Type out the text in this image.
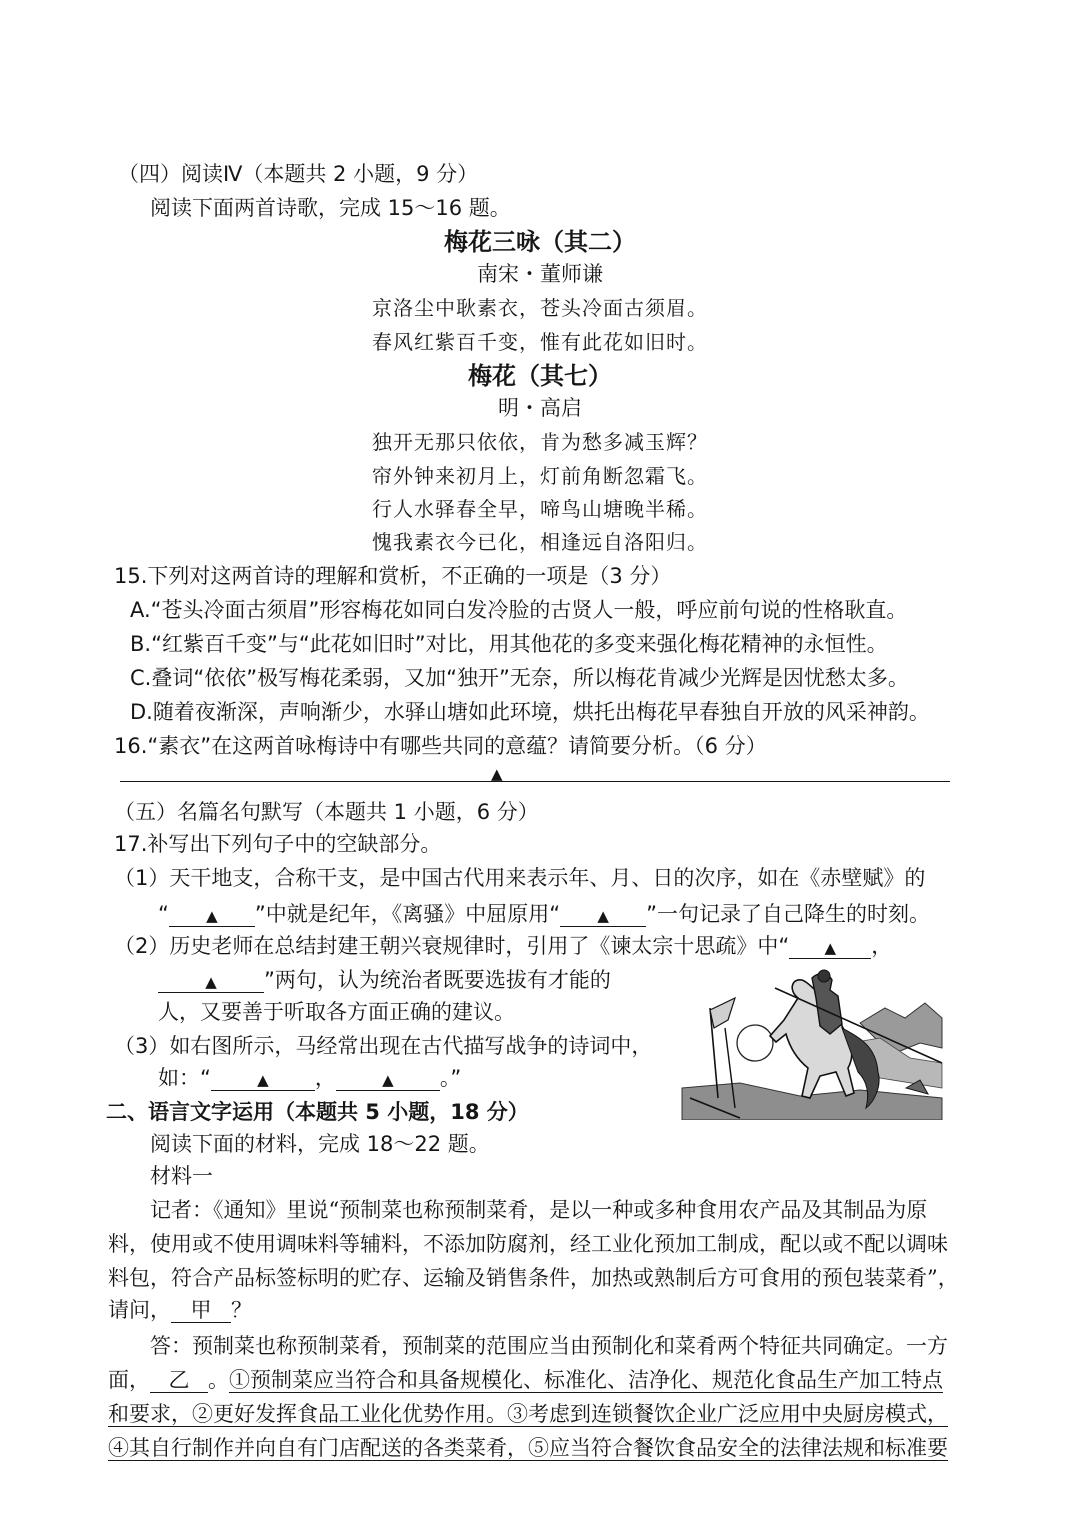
（四）阅读Ⅳ（本题共 2 小题，9 分）
阅读下面两首诗歌，完成 15～16 题。
梅花三咏（其二）
南宋・董师谦
京洛尘中耿素衣，苍头冷面古须眉。
春风红紫百千变，惟有此花如旧时。
梅花（其七）
明・高启
独开无那只依依，肯为愁多减玉辉？
帘外钟来初月上，灯前角断忽霜飞。
行人水驿春全早，啼鸟山塘晚半稀。
愧我素衣今已化，相逢远自洛阳归。
15.下列对这两首诗的理解和赏析，不正确的一项是（3 分）
A.“苍头冷面古须眉”形容梅花如同白发冷脸的古贤人一般，呼应前句说的性格耿直。
B.“红紫百千变”与“此花如旧时”对比，用其他花的多变来强化梅花精神的永恒性。
C.叠词“依依”极写梅花柔弱，又加“独开”无奈，所以梅花肯减少光辉是因忧愁太多。
D.随着夜渐深，声响渐少，水驿山塘如此环境，烘托出梅花早春独自开放的风采神韵。
16.“素衣”在这两首咏梅诗中有哪些共同的意蕴？请简要分析。（6 分）
▲
（五）名篇名句默写（本题共 1 小题，6 分）
17.补写出下列句子中的空缺部分。
（1）天干地支，合称干支，是中国古代用来表示年、月、日的次序，如在《赤壁赋》的
“ ▲ ”中就是纪年，《离骚》中屈原用“ ▲ ”一句记录了自己降生的时刻。
（2）历史老师在总结封建王朝兴衰规律时，引用了《谏太宗十思疏》中“ ▲ ，
▲ ”两句，认为统治者既要选拔有才能的
人，又要善于听取各方面正确的建议。
（3）如右图所示，马经常出现在古代描写战争的诗词中，
如：“	▲ ，	▲ 。”
二、语言文字运用（本题共 5 小题，18 分）
阅读下面的材料，完成 18～22 题。
材料一
记者：《通知》里说“预制菜也称预制菜肴，是以一种或多种食用农产品及其制品为原
料，使用或不使用调味料等辅料，不添加防腐剂，经工业化预加工制成，配以或不配以调味
料包，符合产品标签标明的贮存、运输及销售条件，加热或熟制后方可食用的预包装菜肴”，
请问， 甲 ？
答：预制菜也称预制菜肴，预制菜的范围应当由预制化和菜肴两个特征共同确定。一方
面， 乙 。①预制菜应当符合和具备规模化、标准化、洁净化、规范化食品生产加工特点
和要求，②更好发挥食品工业化优势作用。③考虑到连锁餐饮企业广泛应用中央厨房模式，
④其自行制作并向自有门店配送的各类菜肴，⑤应当符合餐饮食品安全的法律法规和标准要
